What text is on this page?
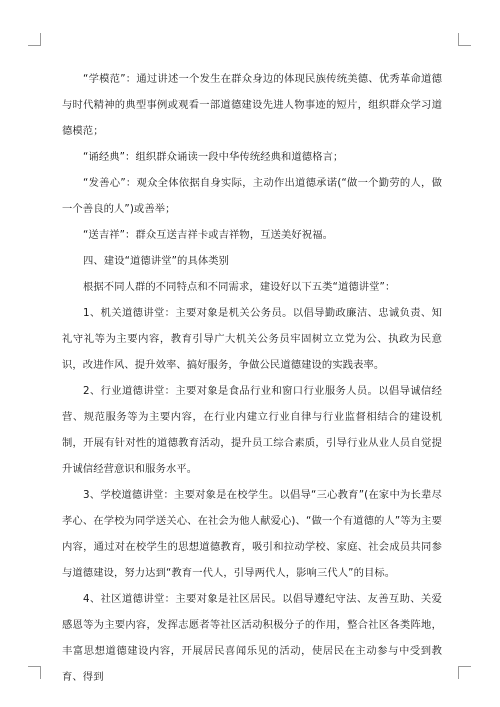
“学模范”：通过讲述一个发生在群众身边的体现民族传统美德、优秀革命道德与时代精神的典型事例或观看一部道德建设先进人物事迹的短片，组织群众学习道德模范；

“诵经典”：组织群众诵读一段中华传统经典和道德格言；

“发善心”：观众全体依据自身实际，主动作出道德承诺(“做一个勤劳的人，做一个善良的人”)或善举；

“送吉祥”：群众互送吉祥卡或吉祥物，互送美好祝福。

四、建设“道德讲堂”的具体类别

根据不同人群的不同特点和不同需求，建设好以下五类“道德讲堂”：

1、机关道德讲堂：主要对象是机关公务员。以倡导勤政廉洁、忠诚负责、知礼守礼等为主要内容，教育引导广大机关公务员牢固树立立党为公、执政为民意识，改进作风、提升效率、搞好服务，争做公民道德建设的实践表率。

2、行业道德讲堂：主要对象是食品行业和窗口行业服务人员。以倡导诚信经营、规范服务等为主要内容，在行业内建立行业自律与行业监督相结合的建设机制，开展有针对性的道德教育活动，提升员工综合素质，引导行业从业人员自觉提升诚信经营意识和服务水平。

3、学校道德讲堂：主要对象是在校学生。以倡导“三心教育”(在家中为长辈尽孝心、在学校为同学送关心、在社会为他人献爱心)、“做一个有道德的人”等为主要内容，通过对在校学生的思想道德教育，吸引和拉动学校、家庭、社会成员共同参与道德建设，努力达到“教育一代人，引导两代人，影响三代人”的目标。

4、社区道德讲堂：主要对象是社区居民。以倡导遵纪守法、友善互助、关爱感恩等为主要内容，发挥志愿者等社区活动积极分子的作用，整合社区各类阵地，丰富思想道德建设内容，开展居民喜闻乐见的活动，使居民在主动参与中受到教育、得到
